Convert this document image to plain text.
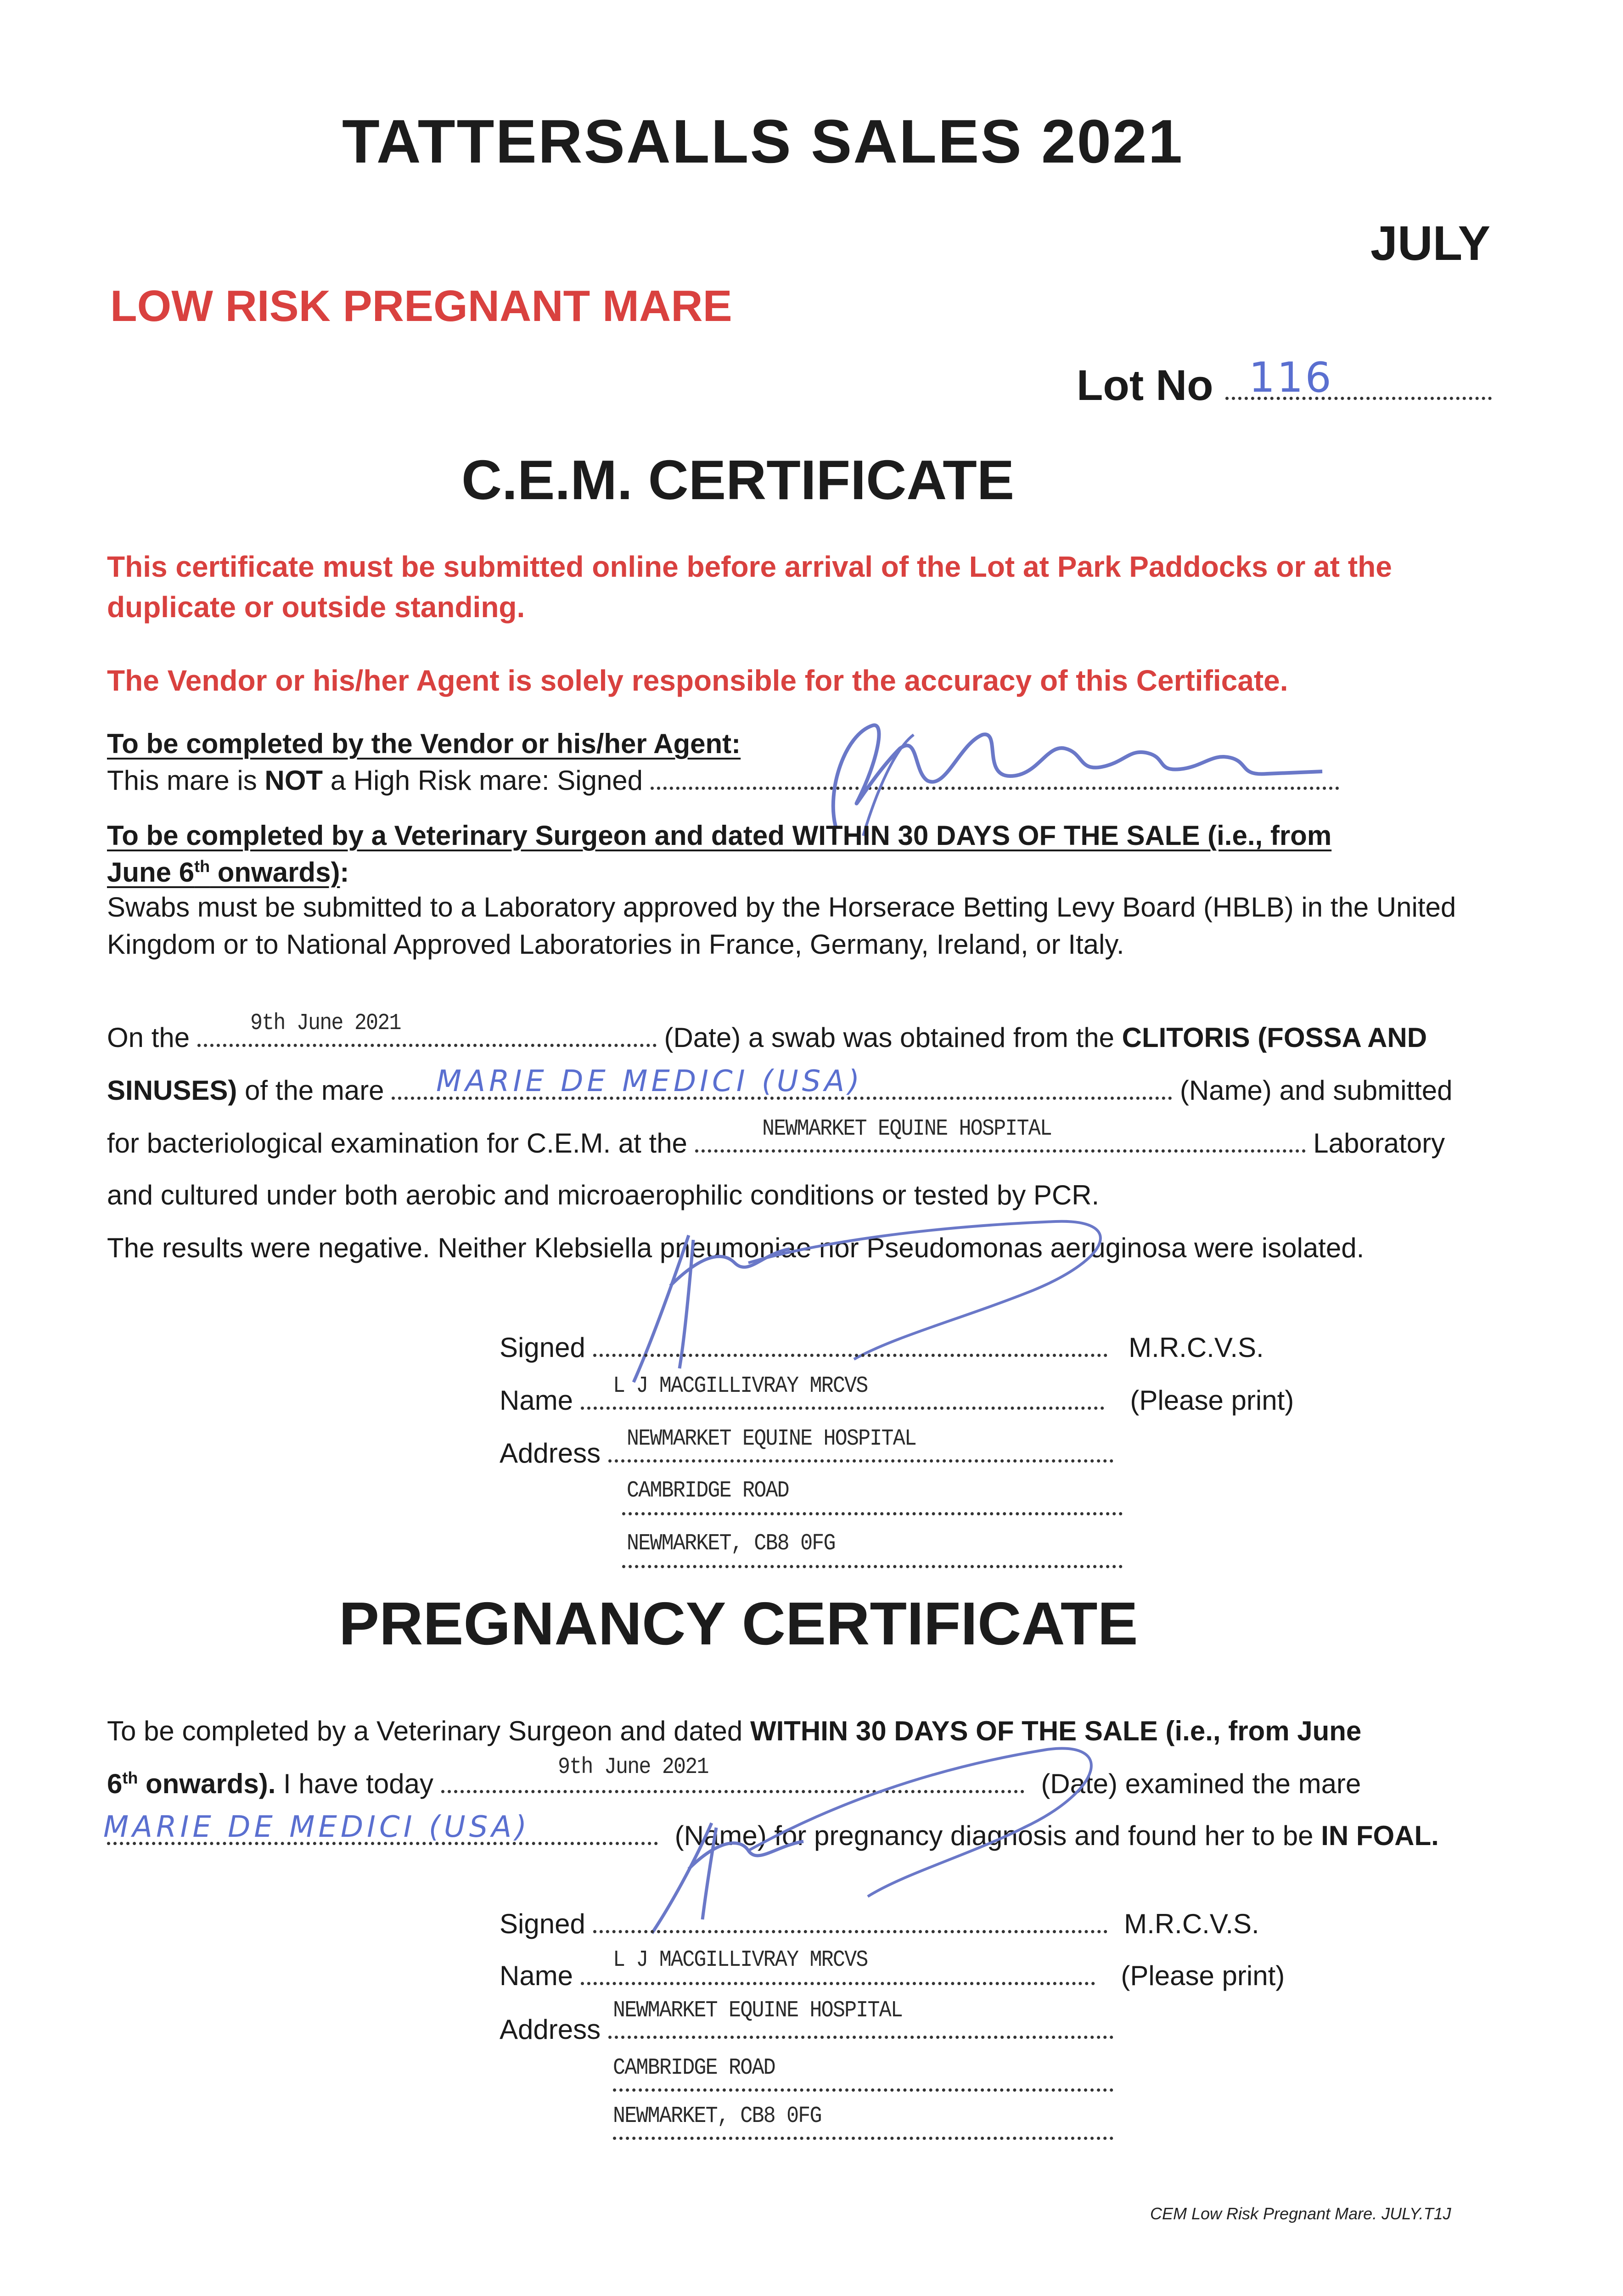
TATTERSALLS SALES 2021
JULY
LOW RISK PREGNANT MARE
Lot No 116
C.E.M. CERTIFICATE
This certificate must be submitted online before arrival of the Lot at Park Paddocks or at the duplicate or outside standing.
The Vendor or his/her Agent is solely responsible for the accuracy of this Certificate.
To be completed by the Vendor or his/her Agent:
This mare is NOT a High Risk mare: Signed
To be completed by a Veterinary Surgeon and dated WITHIN 30 DAYS OF THE SALE (i.e., from
June 6th onwards):
Swabs must be submitted to a Laboratory approved by the Horserace Betting Levy Board (HBLB) in the United Kingdom or to National Approved Laboratories in France, Germany, Ireland, or Italy.
On the	(Date) a swab was obtained from the CLITORIS (FOSSA AND
9th June 2021
SINUSES) of the mare	(Name) and submitted
MARIE DE MEDICI (USA)
for bacteriological examination for C.E.M. at the	Laboratory
NEWMARKET EQUINE HOSPITAL
and cultured under both aerobic and microaerophilic conditions or tested by PCR.
The results were negative. Neither Klebsiella pneumoniae nor Pseudomonas aeruginosa were isolated.
Signed	M.R.C.V.S.
Name	(Please print)
L J MACGILLIVRAY MRCVS
Address	NEWMARKET EQUINE HOSPITAL
CAMBRIDGE ROAD
NEWMARKET, CB8 0FG
PREGNANCY CERTIFICATE
To be completed by a Veterinary Surgeon and dated WITHIN 30 DAYS OF THE SALE (i.e., from June
6th onwards). I have today	(Date) examined the mare
9th June 2021
(Name) for pregnancy diagnosis and found her to be IN FOAL.
MARIE DE MEDICI (USA)
Signed	M.R.C.V.S.
Name	(Please print)
L J MACGILLIVRAY MRCVS
Address
NEWMARKET EQUINE HOSPITAL
CAMBRIDGE ROAD
NEWMARKET, CB8 0FG
CEM Low Risk Pregnant Mare. JULY.T1J
